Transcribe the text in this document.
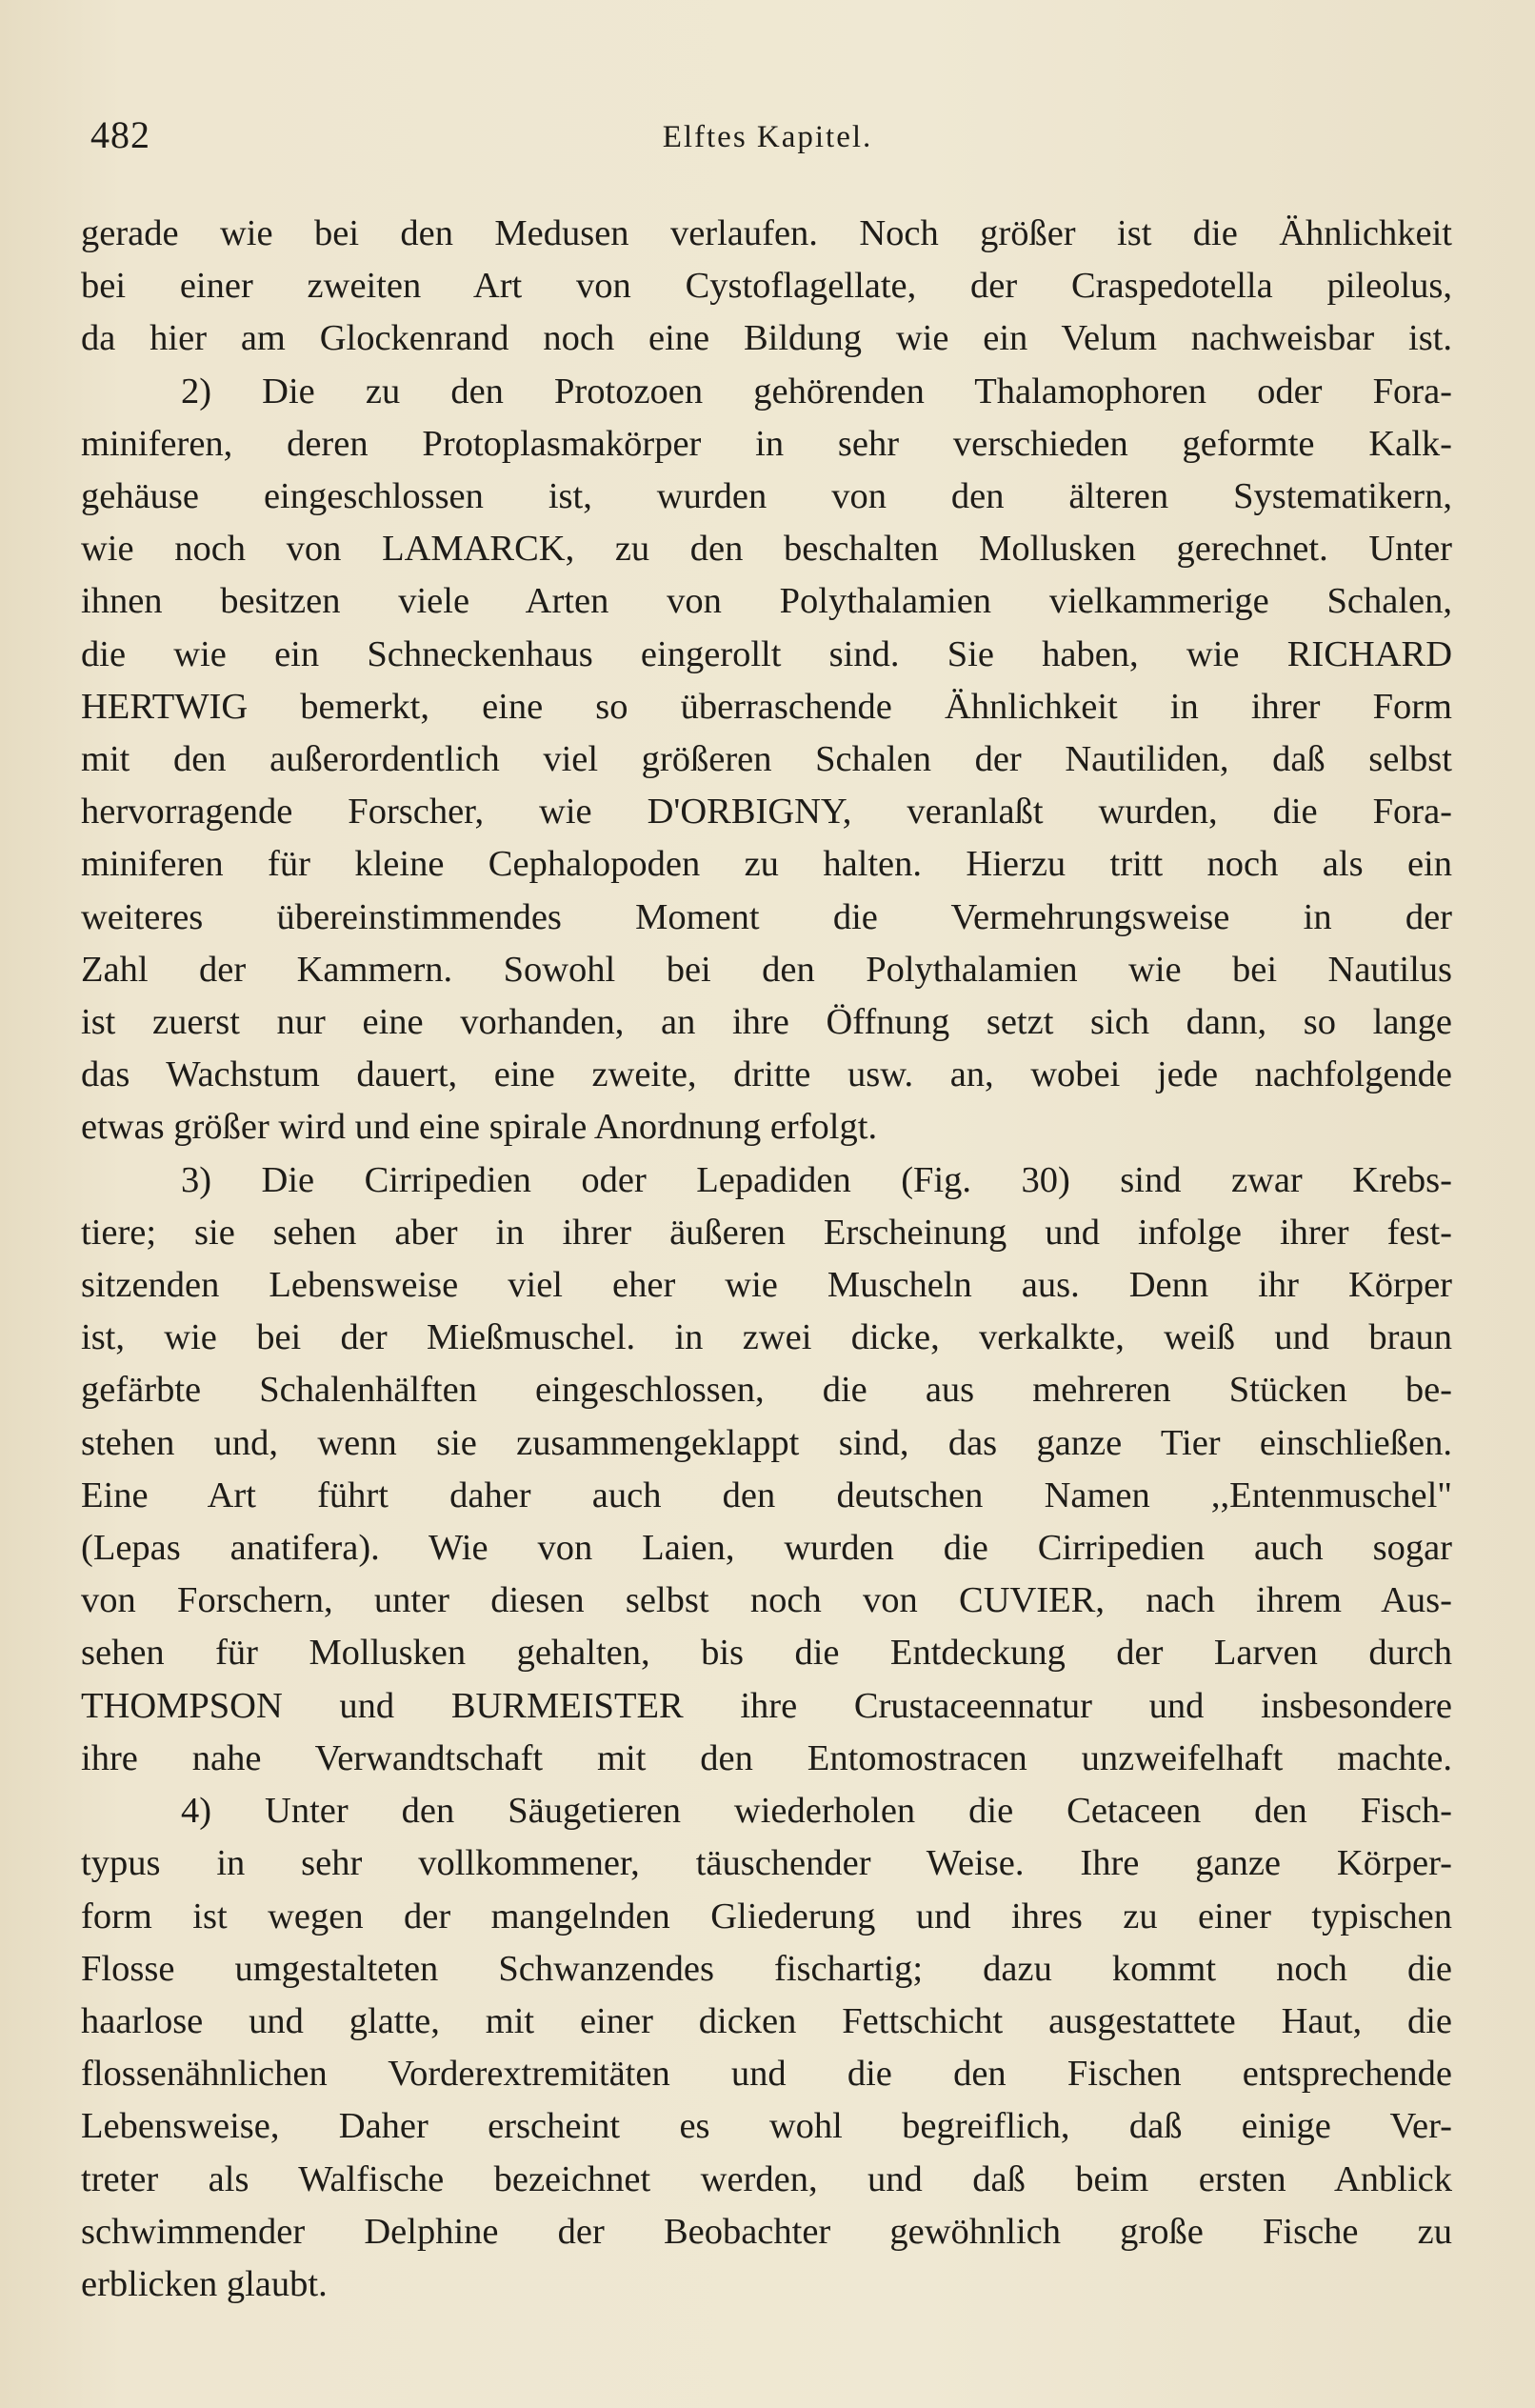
482	Elftes Kapitel.

gerade wie bei den Medusen verlaufen. Noch größer ist die Ähnlichkeit
bei einer zweiten Art von Cystoflagellate, der Craspedotella pileolus,
da hier am Glockenrand noch eine Bildung wie ein Velum nachweisbar ist.

2) Die zu den Protozoen gehörenden Thalamophoren oder Fora-
miniferen, deren Protoplasmakörper in sehr verschieden geformte Kalk-
gehäuse eingeschlossen ist, wurden von den älteren Systematikern,
wie noch von LAMARCK, zu den beschalten Mollusken gerechnet. Unter
ihnen besitzen viele Arten von Polythalamien vielkammerige Schalen,
die wie ein Schneckenhaus eingerollt sind. Sie haben, wie RICHARD
HERTWIG bemerkt, eine so überraschende Ähnlichkeit in ihrer Form
mit den außerordentlich viel größeren Schalen der Nautiliden, daß selbst
hervorragende Forscher, wie D'ORBIGNY, veranlaßt wurden, die Fora-
miniferen für kleine Cephalopoden zu halten. Hierzu tritt noch als ein
weiteres übereinstimmendes Moment die Vermehrungsweise in der
Zahl der Kammern. Sowohl bei den Polythalamien wie bei Nautilus
ist zuerst nur eine vorhanden, an ihre Öffnung setzt sich dann, so lange
das Wachstum dauert, eine zweite, dritte usw. an, wobei jede nachfolgende
etwas größer wird und eine spirale Anordnung erfolgt.

3) Die Cirripedien oder Lepadiden (Fig. 30) sind zwar Krebs-
tiere; sie sehen aber in ihrer äußeren Erscheinung und infolge ihrer fest-
sitzenden Lebensweise viel eher wie Muscheln aus. Denn ihr Körper
ist, wie bei der Mießmuschel. in zwei dicke, verkalkte, weiß und braun
gefärbte Schalenhälften eingeschlossen, die aus mehreren Stücken be-
stehen und, wenn sie zusammengeklappt sind, das ganze Tier einschließen.
Eine Art führt daher auch den deutschen Namen ,,Entenmuschel"
(Lepas anatifera). Wie von Laien, wurden die Cirripedien auch sogar
von Forschern, unter diesen selbst noch von CUVIER, nach ihrem Aus-
sehen für Mollusken gehalten, bis die Entdeckung der Larven durch
THOMPSON und BURMEISTER ihre Crustaceennatur und insbesondere
ihre nahe Verwandtschaft mit den Entomostracen unzweifelhaft machte.

4) Unter den Säugetieren wiederholen die Cetaceen den Fisch-
typus in sehr vollkommener, täuschender Weise. Ihre ganze Körper-
form ist wegen der mangelnden Gliederung und ihres zu einer typischen
Flosse umgestalteten Schwanzendes fischartig; dazu kommt noch die
haarlose und glatte, mit einer dicken Fettschicht ausgestattete Haut, die
flossenähnlichen Vorderextremitäten und die den Fischen entsprechende
Lebensweise, Daher erscheint es wohl begreiflich, daß einige Ver-
treter als Walfische bezeichnet werden, und daß beim ersten Anblick
schwimmender Delphine der Beobachter gewöhnlich große Fische zu
erblicken glaubt.
